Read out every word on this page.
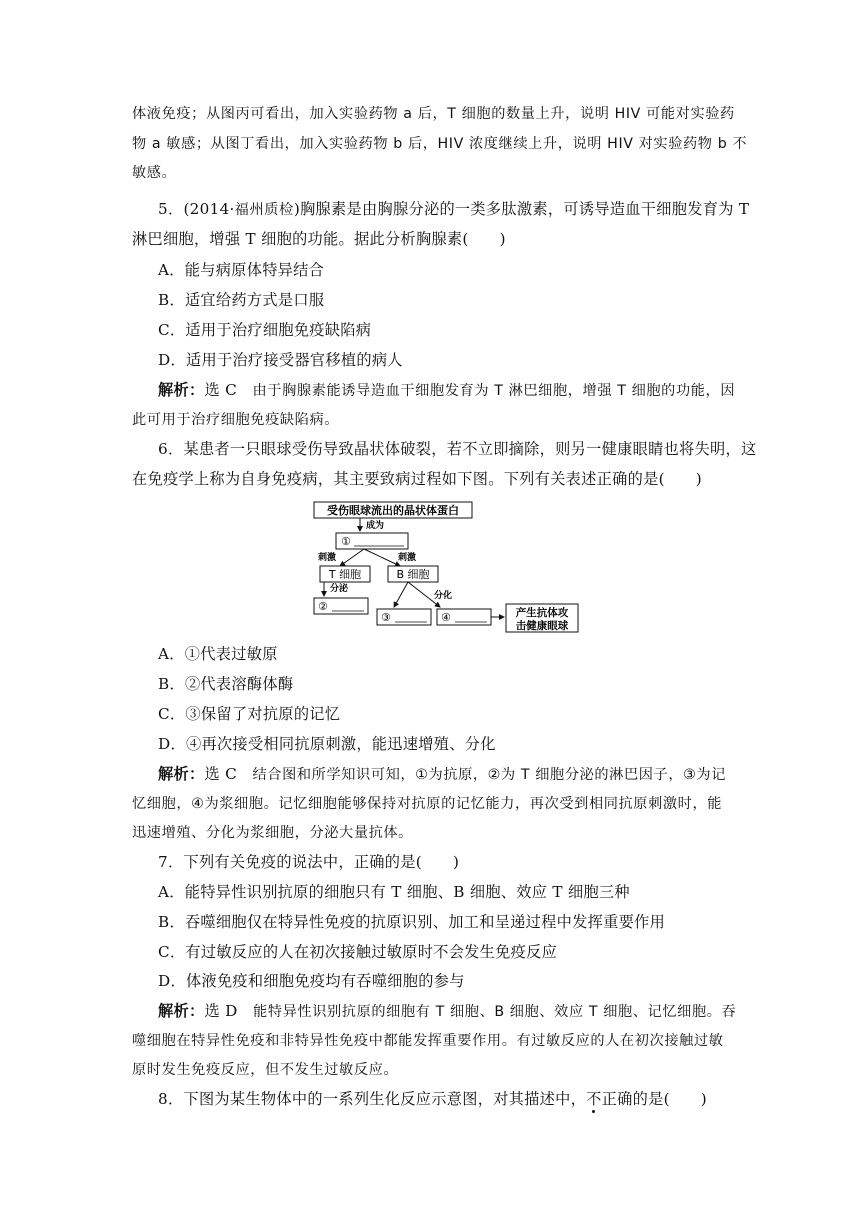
体液免疫；从图丙可看出，加入实验药物 a 后，T 细胞的数量上升，说明 HIV 可能对实验药
物 a 敏感；从图丁看出，加入实验药物 b 后，HIV 浓度继续上升，说明 HIV 对实验药物 b 不
敏感。
5．(2014·福州质检)胸腺素是由胸腺分泌的一类多肽激素，可诱导造血干细胞发育为 T
淋巴细胞，增强 T 细胞的功能。据此分析胸腺素(　　)
A．能与病原体特异结合
B．适宜给药方式是口服
C．适用于治疗细胞免疫缺陷病
D．适用于治疗接受器官移植的病人
解析：选 C　 由于胸腺素能诱导造血干细胞发育为 T 淋巴细胞，增强 T 细胞的功能，因
此可用于治疗细胞免疫缺陷病。
6．某患者一只眼球受伤导致晶状体破裂，若不立即摘除，则另一健康眼睛也将失明，这
在免疫学上称为自身免疫病，其主要致病过程如下图。下列有关表述正确的是(　　)
受伤眼球流出的晶状体蛋白
成为
①
刺激	刺激
T 细胞	B 细胞
分泌
②
分化
③	④	产生抗体攻
击健康眼球
A．①代表过敏原
B．②代表溶酶体酶
C．③保留了对抗原的记忆
D．④再次接受相同抗原刺激，能迅速增殖、分化
解析：选 C　 结合图和所学知识可知，①为抗原，②为 T 细胞分泌的淋巴因子，③为记
忆细胞，④为浆细胞。记忆细胞能够保持对抗原的记忆能力，再次受到相同抗原刺激时，能
迅速增殖、分化为浆细胞，分泌大量抗体。
7．下列有关免疫的说法中，正确的是(　　)
A．能特异性识别抗原的细胞只有 T 细胞、B 细胞、效应 T 细胞三种
B．吞噬细胞仅在特异性免疫的抗原识别、加工和呈递过程中发挥重要作用
C．有过敏反应的人在初次接触过敏原时不会发生免疫反应
D．体液免疫和细胞免疫均有吞噬细胞的参与
解析：选 D　 能特异性识别抗原的细胞有 T 细胞、B 细胞、效应 T 细胞、记忆细胞。吞
噬细胞在特异性免疫和非特异性免疫中都能发挥重要作用。有过敏反应的人在初次接触过敏
原时发生免疫反应，但不发生过敏反应。
8．下图为某生物体中的一系列生化反应示意图，对其描述中，不正确的是(　　)
